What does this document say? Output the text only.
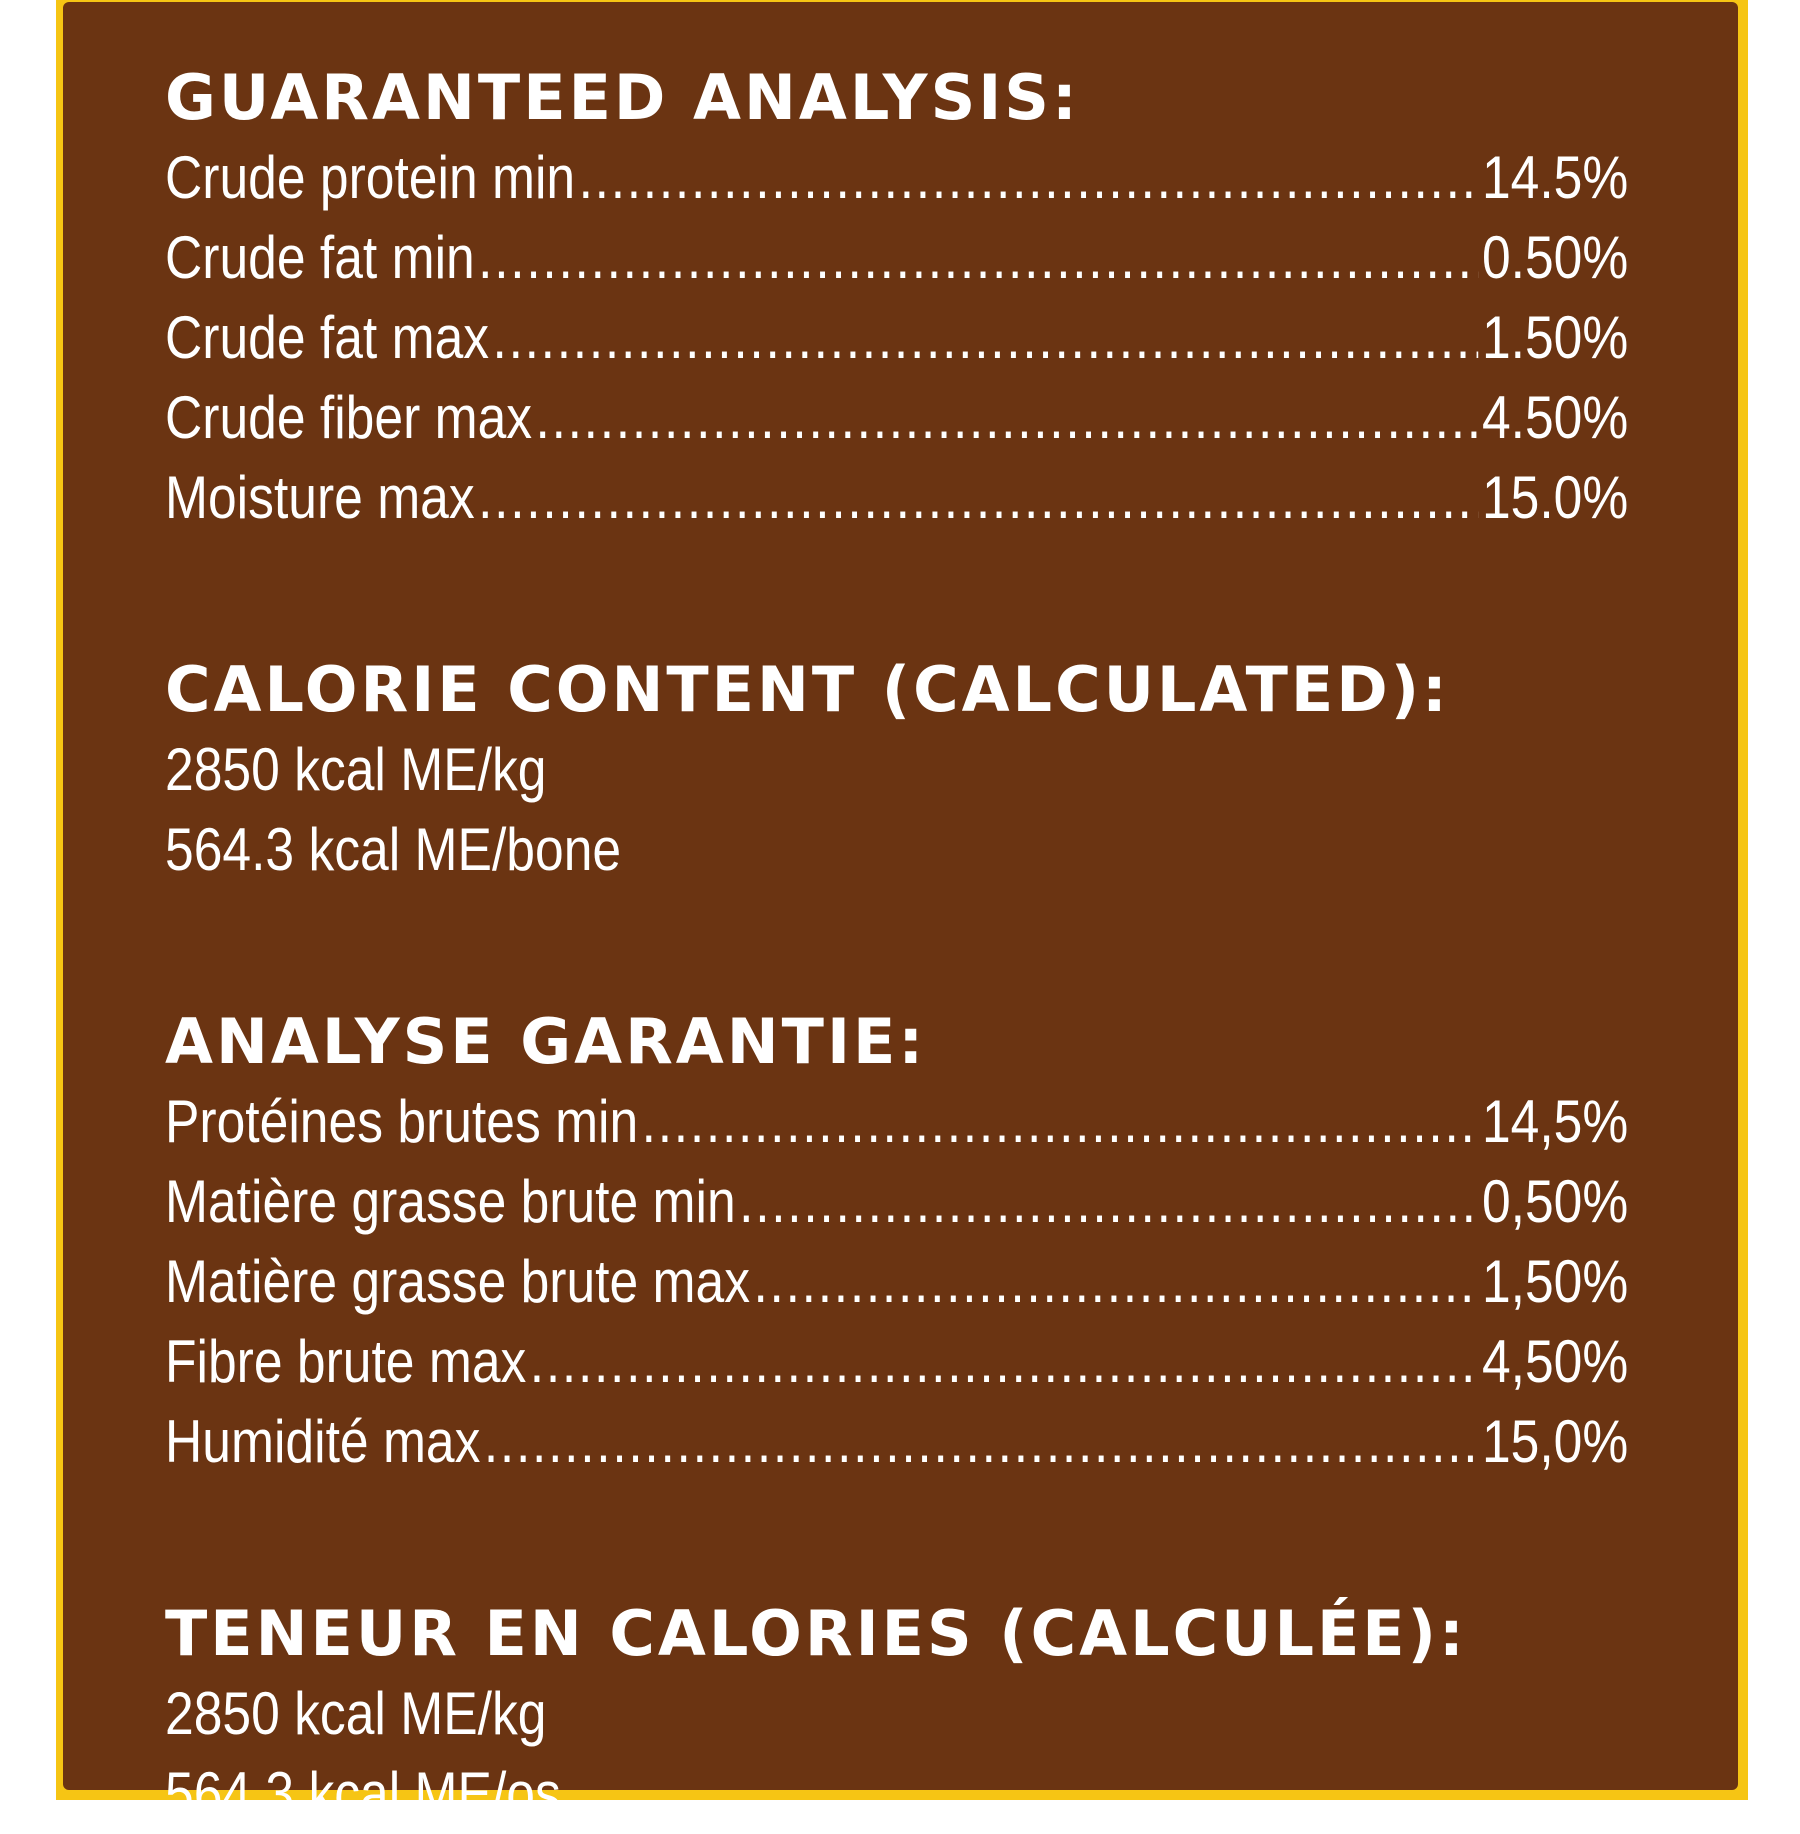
GUARANTEED ANALYSIS:
Crude protein min .....	14.5%
Crude fat min .....	0.50%
Crude fat max .....	1.50%
Crude fiber max .....	4.50%
Moisture max .....	15.0%
CALORIE CONTENT (CALCULATED):
2850 kcal ME/kg
564.3 kcal ME/bone
ANALYSE GARANTIE:
Protéines brutes min .....	14,5%
Matière grasse brute min .....	0,50%
Matière grasse brute max .....	1,50%
Fibre brute max .....	4,50%
Humidité max .....	15,0%
TENEUR EN CALORIES (CALCULÉE):
2850 kcal ME/kg
564,3 kcal ME/os
